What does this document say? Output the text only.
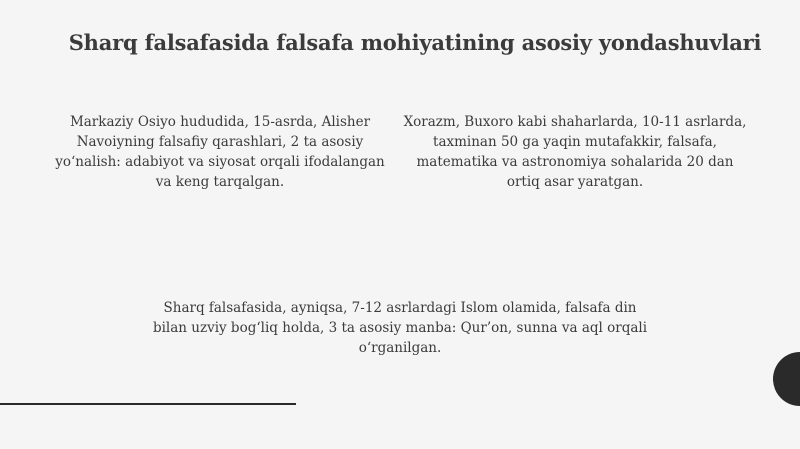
Sharq falsafasida falsafa mohiyatining asosiy yondashuvlari

Markaziy Osiyo hududida, 15-asrda, Alisher Navoiyning falsafiy qarashlari, 2 ta asosiy yo‘nalish: adabiyot va siyosat orqali ifodalangan va keng tarqalgan.

Xorazm, Buxoro kabi shaharlarda, 10-11 asrlarda, taxminan 50 ga yaqin mutafakkir, falsafa, matematika va astronomiya sohalarida 20 dan ortiq asar yaratgan.

Sharq falsafasida, ayniqsa, 7-12 asrlardagi Islom olamida, falsafa din bilan uzviy bog‘liq holda, 3 ta asosiy manba: Qur’on, sunna va aql orqali o‘rganilgan.
